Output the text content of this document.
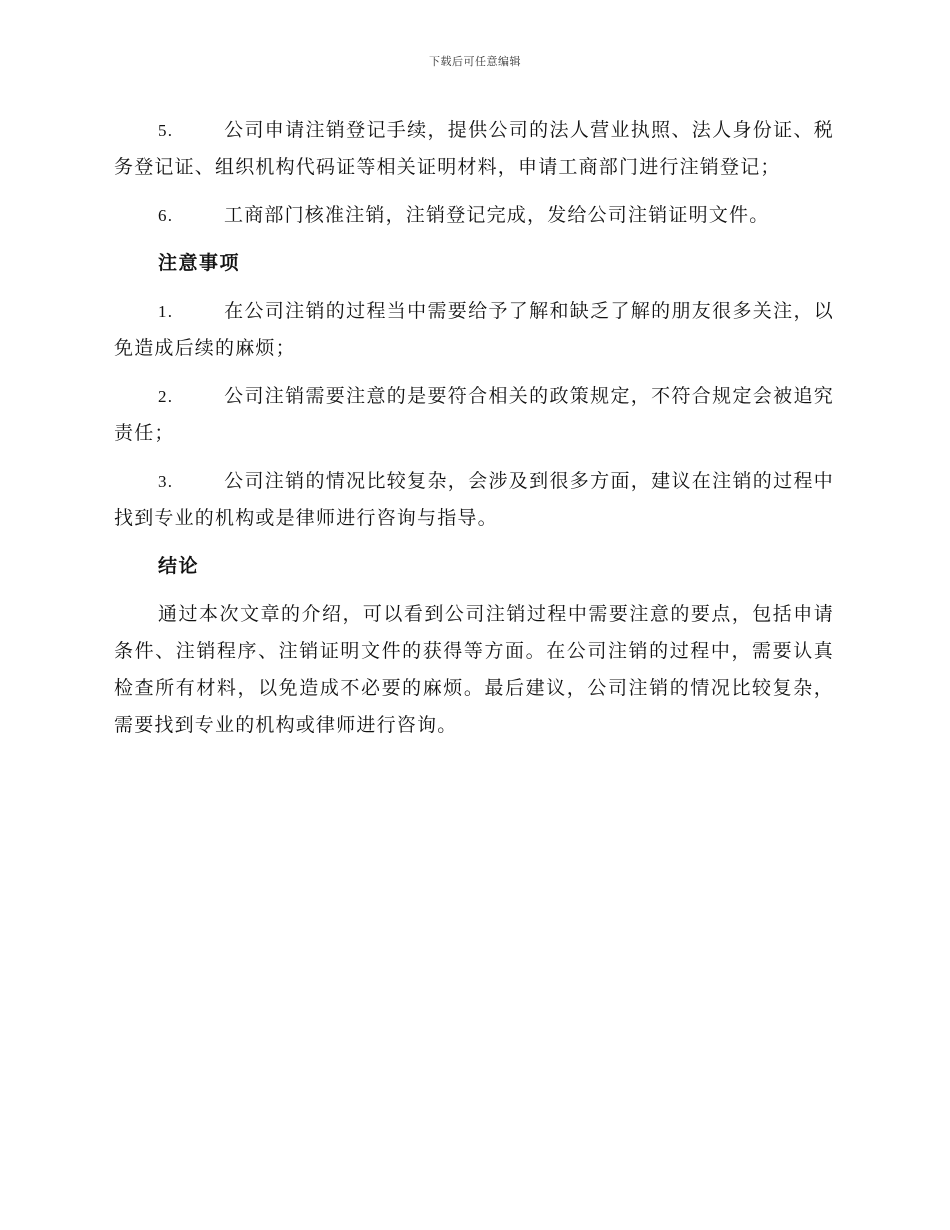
下载后可任意编辑

5.	公司申请注销登记手续，提供公司的法人营业执照、法人身份证、税务登记证、组织机构代码证等相关证明材料，申请工商部门进行注销登记；

6.	工商部门核准注销，注销登记完成，发给公司注销证明文件。

注意事项

1.	在公司注销的过程当中需要给予了解和缺乏了解的朋友很多关注，以免造成后续的麻烦；

2.	公司注销需要注意的是要符合相关的政策规定，不符合规定会被追究责任；

3.	公司注销的情况比较复杂，会涉及到很多方面，建议在注销的过程中找到专业的机构或是律师进行咨询与指导。

结论

通过本次文章的介绍，可以看到公司注销过程中需要注意的要点，包括申请条件、注销程序、注销证明文件的获得等方面。在公司注销的过程中，需要认真检查所有材料，以免造成不必要的麻烦。最后建议，公司注销的情况比较复杂，需要找到专业的机构或律师进行咨询。
